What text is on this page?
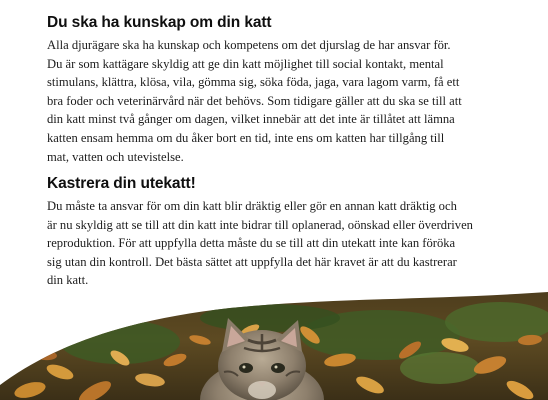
Du ska ha kunskap om din katt

Alla djurägare ska ha kunskap och kompetens om det djurslag de har ansvar för.
Du är som kattägare skyldig att ge din katt möjlighet till social kontakt, mental
stimulans, klättra, klösa, vila, gömma sig, söka föda, jaga, vara lagom varm, få ett
bra foder och veterinärvård när det behövs. Som tidigare gäller att du ska se till att
din katt minst två gånger om dagen, vilket innebär att det inte är tillåtet att lämna
katten ensam hemma om du åker bort en tid, inte ens om katten har tillgång till
mat, vatten och utevistelse.

Kastrera din utekatt!

Du måste ta ansvar för om din katt blir dräktig eller gör en annan katt dräktig och
är nu skyldig att se till att din katt inte bidrar till oplanerad, oönskad eller överdriven
reproduktion. För att uppfylla detta måste du se till att din utekatt inte kan föröka
sig utan din kontroll. Det bästa sättet att uppfylla det här kravet är att du kastrerar
din katt.
